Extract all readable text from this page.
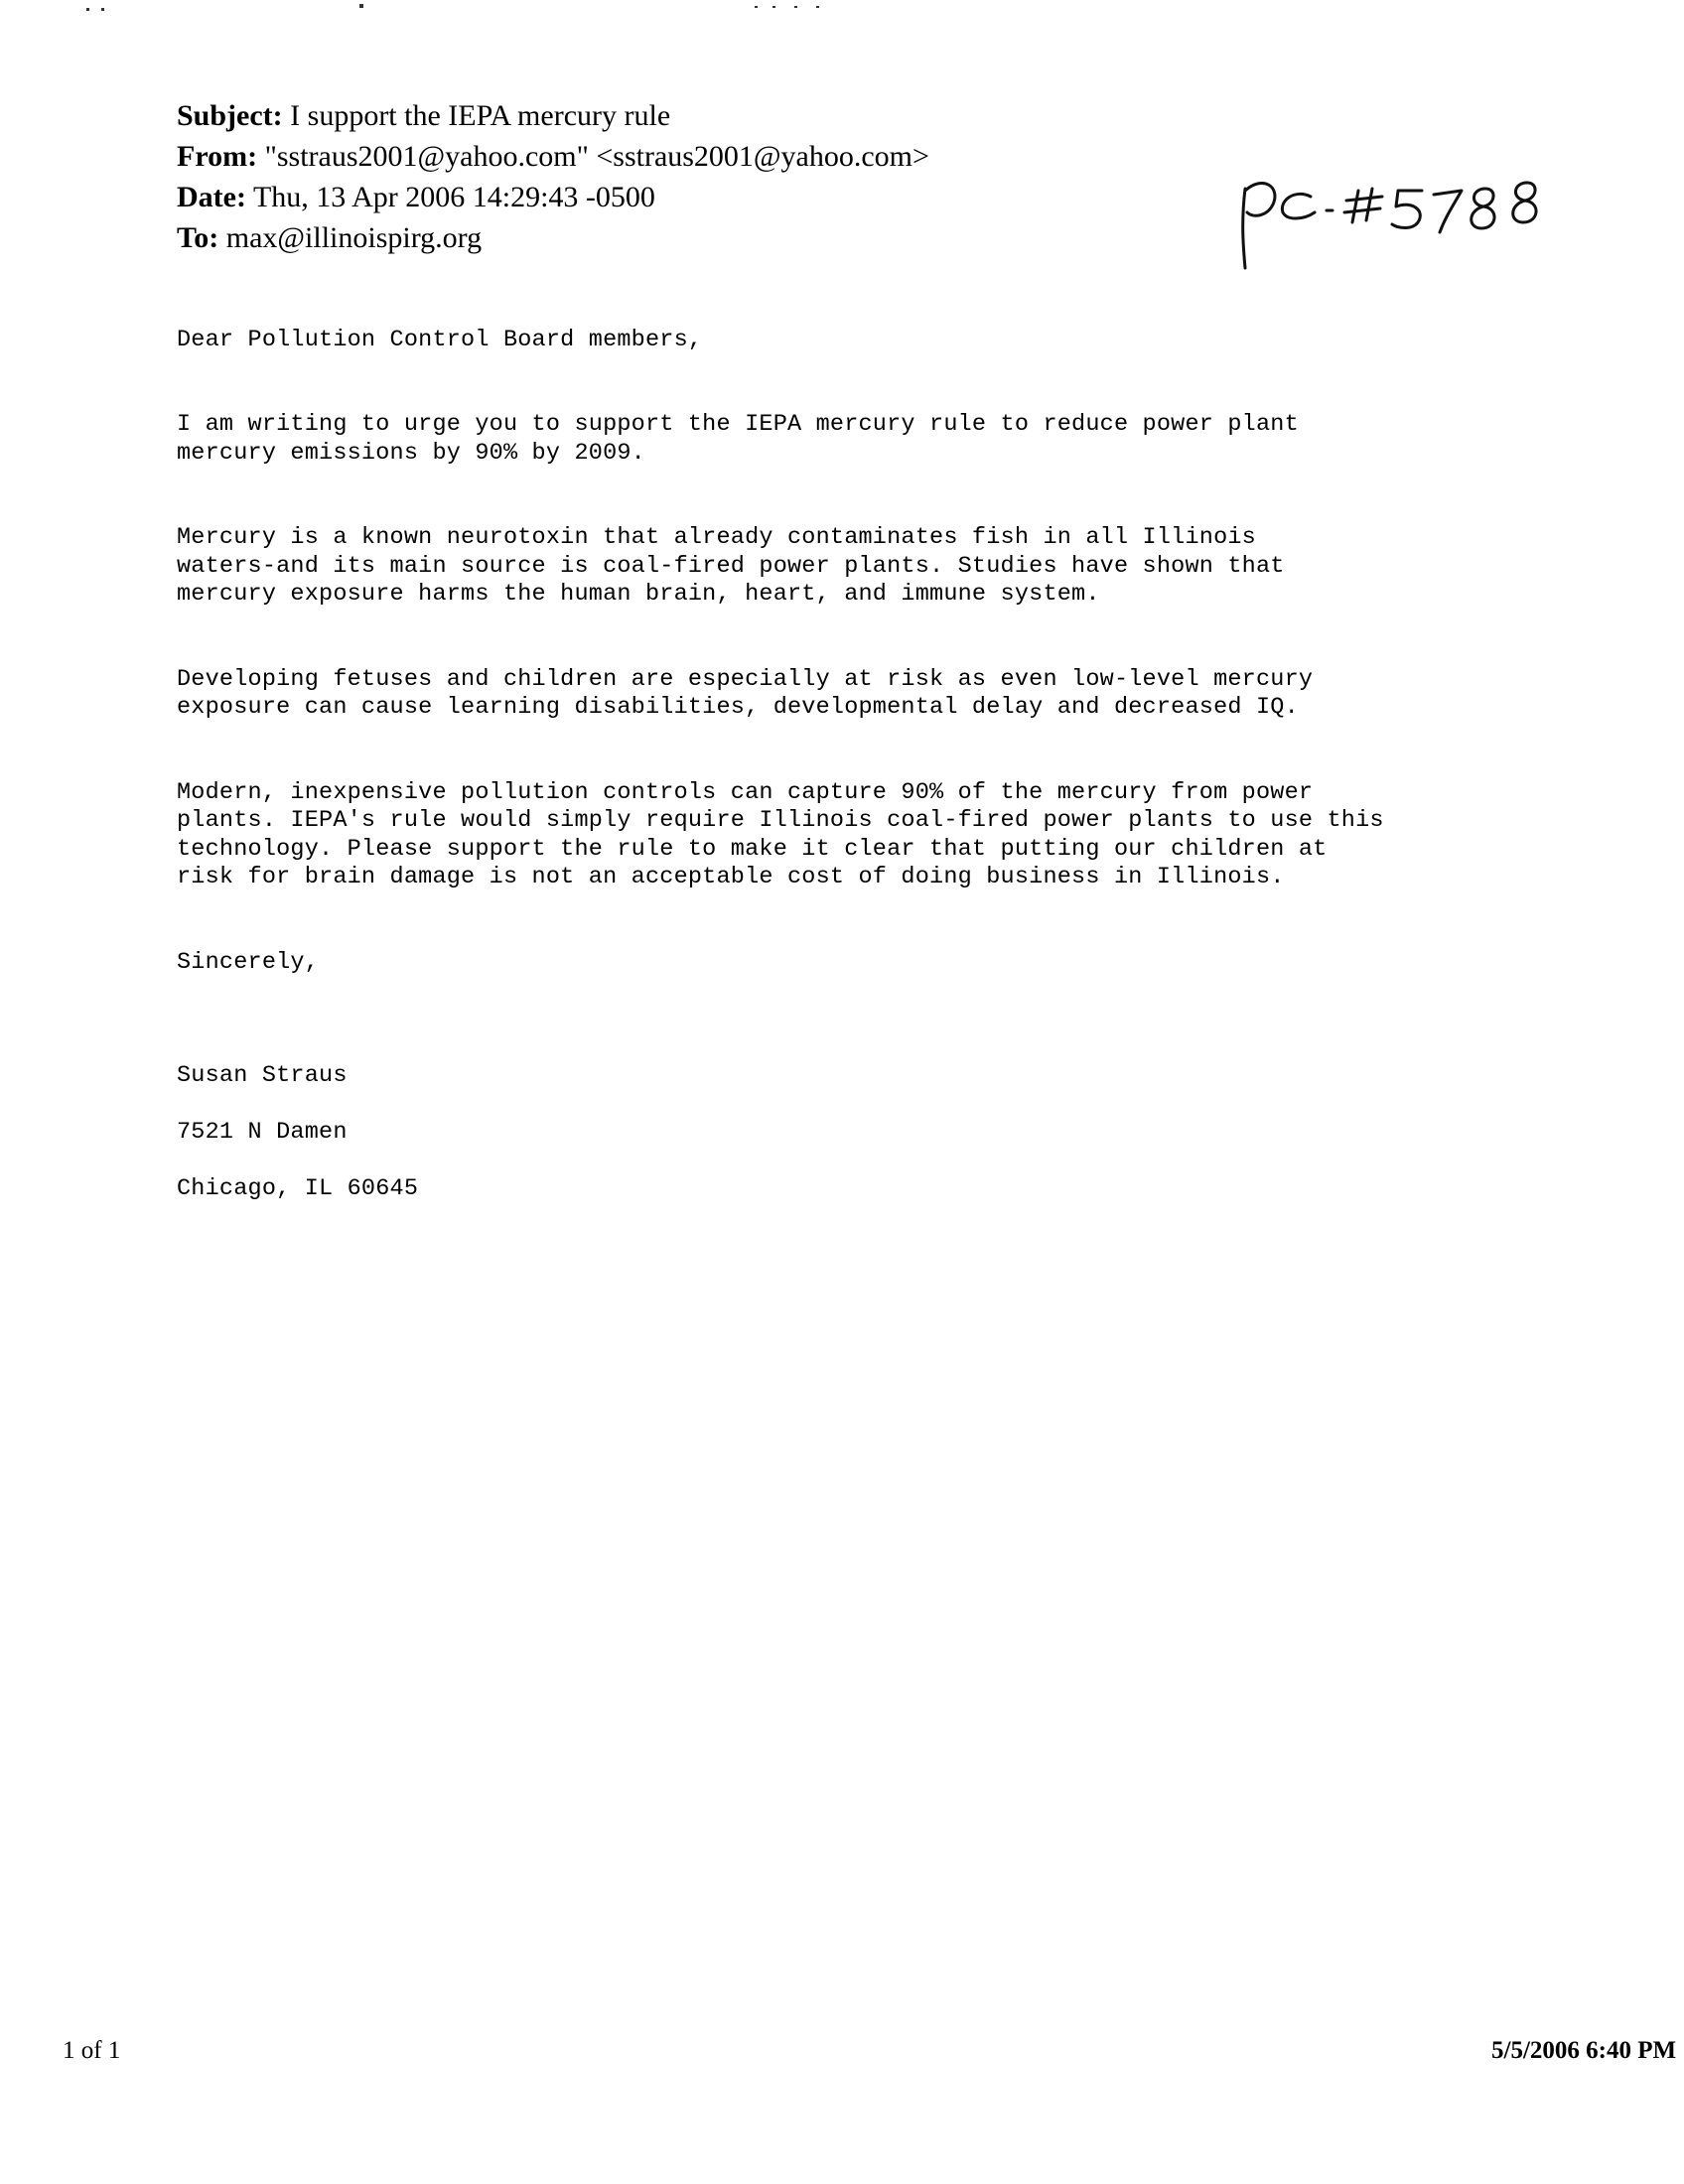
Subject: I support the IEPA mercury rule
From: "sstraus2001@yahoo.com" <sstraus2001@yahoo.com>
Date: Thu, 13 Apr 2006 14:29:43 -0500
To: max@illinoispirg.org

Dear Pollution Control Board members,

I am writing to urge you to support the IEPA mercury rule to reduce power plant
mercury emissions by 90% by 2009.

Mercury is a known neurotoxin that already contaminates fish in all Illinois
waters-and its main source is coal-fired power plants. Studies have shown that
mercury exposure harms the human brain, heart, and immune system.

Developing fetuses and children are especially at risk as even low-level mercury
exposure can cause learning disabilities, developmental delay and decreased IQ.

Modern, inexpensive pollution controls can capture 90% of the mercury from power
plants. IEPA's rule would simply require Illinois coal-fired power plants to use this
technology. Please support the rule to make it clear that putting our children at
risk for brain damage is not an acceptable cost of doing business in Illinois.

Sincerely,

Susan Straus

7521 N Damen

Chicago, IL 60645

1 of 1	5/5/2006 6:40 PM
